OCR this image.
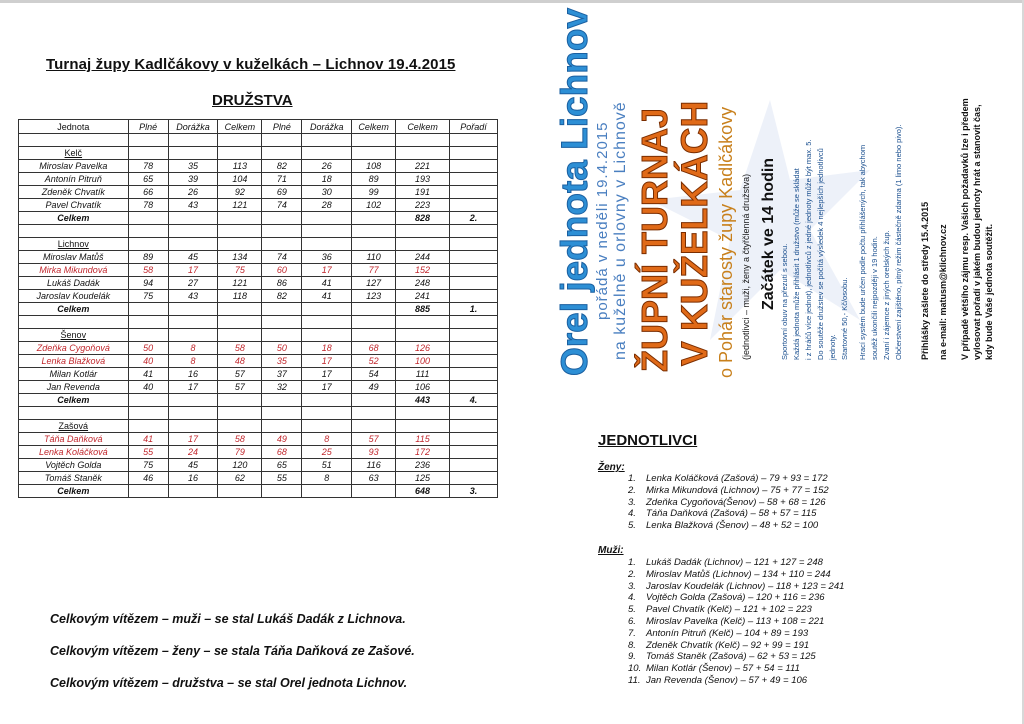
Turnaj župy Kadlčákovy v kuželkách – Lichnov 19.4.2015
DRUŽSTVA
Jednota	Plné	Dorážka	Celkem	Plné	Dorážka	Celkem	Celkem	Pořadí

Kelč								
Miroslav Pavelka	78	35	113	82	26	108	221	
Antonín Pitruň	65	39	104	71	18	89	193	
Zdeněk Chvatík	66	26	92	69	30	99	191	
Pavel Chvatík	78	43	121	74	28	102	223	
Celkem							828	2.

Lichnov								
Miroslav Matůš	89	45	134	74	36	110	244	
Mirka Mikundová	58	17	75	60	17	77	152	
Lukáš Dadák	94	27	121	86	41	127	248	
Jaroslav Koudelák	75	43	118	82	41	123	241	
Celkem							885	1.

Šenov								
Zdeňka Cygoňová	50	8	58	50	18	68	126	
Lenka Blažková	40	8	48	35	17	52	100	
Milan Kotlár	41	16	57	37	17	54	111	
Jan Revenda	40	17	57	32	17	49	106	
Celkem							443	4.

Zašová								
Táňa Daňková	41	17	58	49	8	57	115	
Lenka Koláčková	55	24	79	68	25	93	172	
Vojtěch Golda	75	45	120	65	51	116	236	
Tomáš Staněk	46	16	62	55	8	63	125	
Celkem							648	3.
Celkovým vítězem – muži – se stal Lukáš Dadák z Lichnova.
Celkovým vítězem – ženy – se stala Táňa Daňková ze Zašové.
Celkovým vítězem – družstva – se stal Orel jednota Lichnov.
Orel jednota Lichnov pořádá v neděli 19.4.2015 na kuželně u orlovny v Lichnově ŽUPNÍ TURNAJ V KUŽELKÁCH o Pohár starosty župy Kadlčákovy (jednotlivci – muži, ženy a čtyřčlenná družstva) Začátek ve 14 hodin Sportovní obuv na přezutí s sebou. Každá jednota může přihlásit 1 družstvo (může se skládat i z hráčů více jednot), jednotlivců z jedné jednoty může být max. 5. Do soutěže družstev se počítá výsledek 4 nejlepších jednotlivců jednoty. Startovné 50,- Kč/osobu. Hrací systém bude určen podle počtu přihlášených, tak abychom soutěž ukončili nejpozději v 19 hodin. Zvaní i zájemce z jiných orelských žup. Občerstvení zajištěno, pitný režim částečně zdarma (1 limo nebo pivo). Přihlášky zašlete do středy 15.4.2015 na e-mail: matusm@klichnov.cz V případě většího zájmu resp. Vašich požadavků lze i předem vylosovat pořadí v jakém budou jednoty hrát a stanovit čas, kdy bude Vaše jednota soutěžit.
JEDNOTLIVCI
Ženy:
1. Lenka Koláčková (Zašová) – 79 + 93 = 172
2. Mirka Mikundová (Lichnov) – 75 + 77 = 152
3. Zdeňka Cygoňová(Šenov) – 58 + 68 = 126
4. Táňa Daňková (Zašová) – 58 + 57 = 115
5. Lenka Blažková (Šenov) – 48 + 52 = 100
Muži:
1. Lukáš Dadák (Lichnov) – 121 + 127 = 248
2. Miroslav Matůš (Lichnov) – 134 + 110 = 244
3. Jaroslav Koudelák (Lichnov) – 118 + 123 = 241
4. Vojtěch Golda (Zašová) – 120 + 116 = 236
5. Pavel Chvatík (Kelč) – 121 + 102 = 223
6. Miroslav Pavelka (Kelč) – 113 + 108 = 221
7. Antonín Pitruň (Kelč) – 104 + 89 = 193
8. Zdeněk Chvatík (Kelč) – 92 + 99 = 191
9. Tomáš Staněk (Zašová) – 62 + 53 = 125
10. Milan Kotlár (Šenov) – 57 + 54 = 111
11. Jan Revenda (Šenov) – 57 + 49 = 106
